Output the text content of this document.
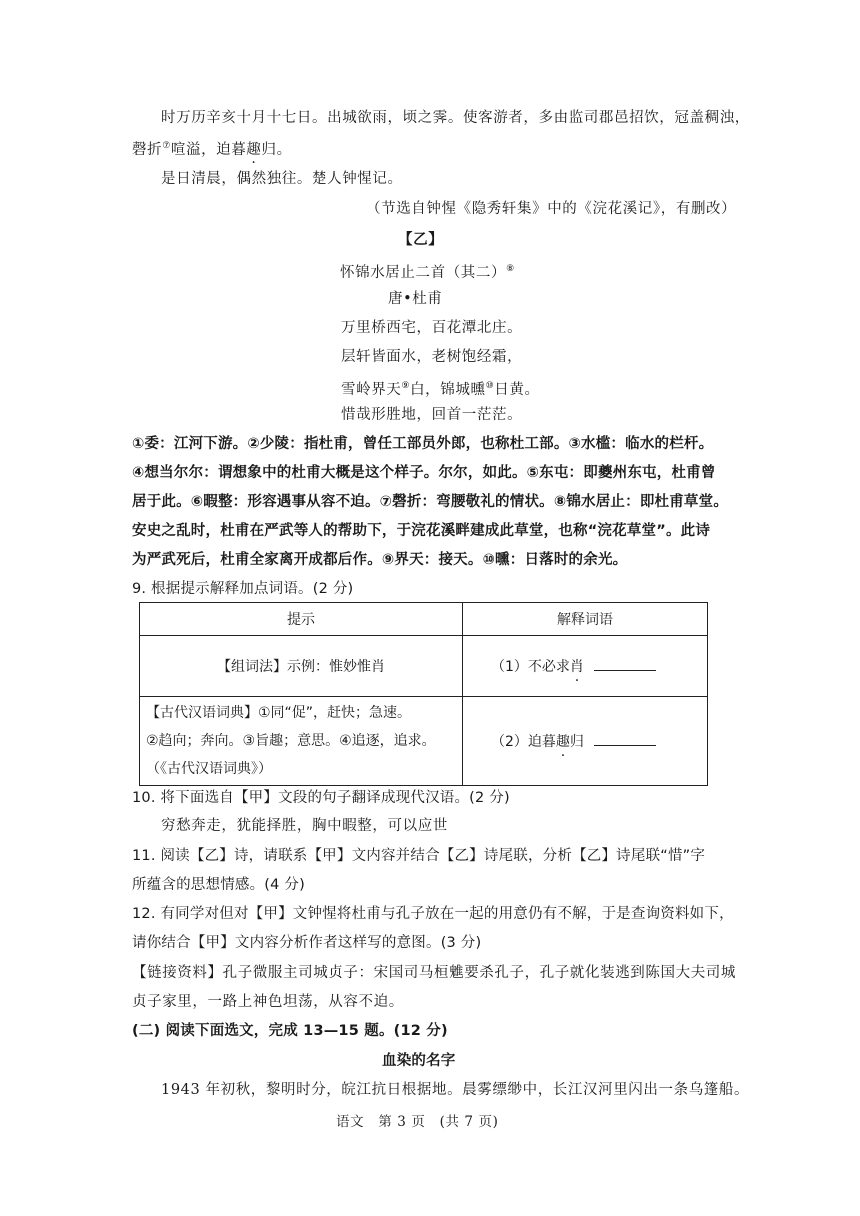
时万历辛亥十月十七日。出城欲雨，顷之霁。使客游者，多由监司郡邑招饮，冠盖稠浊，
磬折⑦喧溢，迫暮趣归。
是日清晨，偶然独往。楚人钟惺记。
（节选自钟惺《隐秀轩集》中的《浣花溪记》，有删改）
【乙】
怀锦水居止二首（其二）⑧
唐•杜甫
万里桥西宅，百花潭北庄。
层轩皆面水，老树饱经霜，
雪岭界天⑨白，锦城曛⑩日黄。
惜哉形胜地，回首一茫茫。
①委：江河下游。②少陵：指杜甫，曾任工部员外郎，也称杜工部。③水槛：临水的栏杆。
④想当尔尔：谓想象中的杜甫大概是这个样子。尔尔，如此。⑤东屯：即夔州东屯，杜甫曾
居于此。⑥暇整：形容遇事从容不迫。⑦磬折：弯腰敬礼的情状。⑧锦水居止：即杜甫草堂。
安史之乱时，杜甫在严武等人的帮助下，于浣花溪畔建成此草堂，也称“浣花草堂”。此诗
为严武死后，杜甫全家离开成都后作。⑨界天：接天。⑩曛：日落时的余光。
9. 根据提示解释加点词语。(2 分)
提示	解释词语
【组词法】示例：惟妙惟肖	（1）不必求肖

【古代汉语词典】①同“促”，赶快；急速。
②趋向；奔向。③旨趣；意思。④追逐，追求。
（《古代汉语词典》）	（2）迫暮趣归
10. 将下面选自【甲】文段的句子翻译成现代汉语。(2 分)
穷愁奔走，犹能择胜，胸中暇整，可以应世
11. 阅读【乙】诗，请联系【甲】文内容并结合【乙】诗尾联，分析【乙】诗尾联“惜”字
所蕴含的思想情感。(4 分)
12. 有同学对但对【甲】文钟惺将杜甫与孔子放在一起的用意仍有不解，于是查询资料如下，
请你结合【甲】文内容分析作者这样写的意图。(3 分)
【链接资料】孔子微服主司城贞子：宋国司马桓魋要杀孔子，孔子就化装逃到陈国大夫司城
贞子家里，一路上神色坦荡，从容不迫。
(二) 阅读下面选文，完成 13—15 题。(12 分)
血染的名字
1943 年初秋，黎明时分，皖江抗日根据地。晨雾缥缈中，长江汉河里闪出一条乌篷船。
语文　第 3 页　(共 7 页)
